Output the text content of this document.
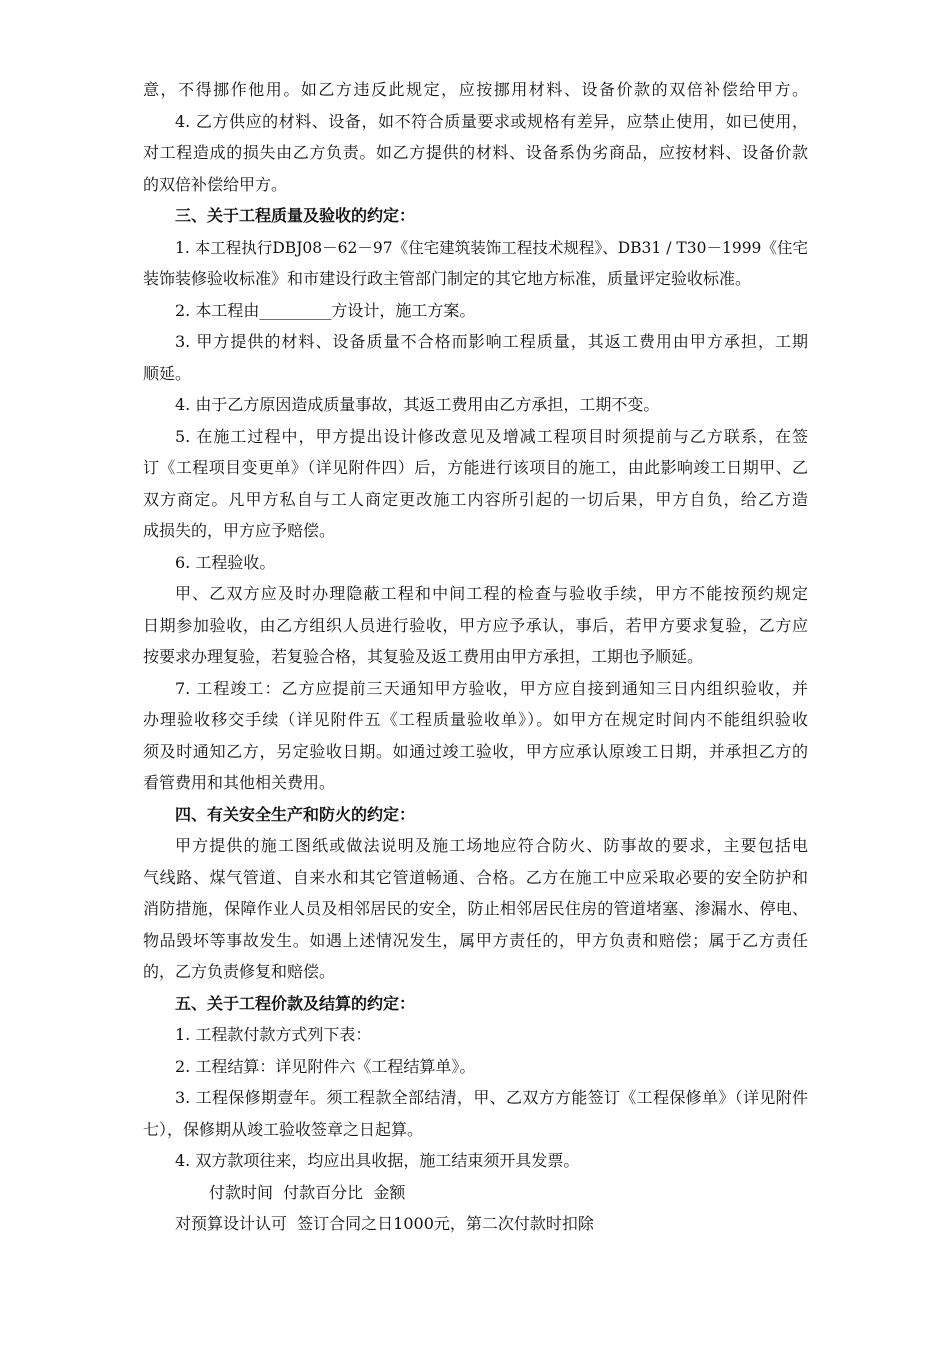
意，不得挪作他用。如乙方违反此规定，应按挪用材料、设备价款的双倍补偿给甲方。
4. 乙方供应的材料、设备，如不符合质量要求或规格有差异，应禁止使用，如已使用，
对工程造成的损失由乙方负责。如乙方提供的材料、设备系伪劣商品，应按材料、设备价款
的双倍补偿给甲方。
三、关于工程质量及验收的约定：
1. 本工程执行DBJ08－62－97《住宅建筑装饰工程技术规程》、DB31 / T30－1999《住宅
装饰装修验收标准》和市建设行政主管部门制定的其它地方标准，质量评定验收标准。
2. 本工程由_________方设计，施工方案。
3. 甲方提供的材料、设备质量不合格而影响工程质量，其返工费用由甲方承担，工期
顺延。
4. 由于乙方原因造成质量事故，其返工费用由乙方承担，工期不变。
5. 在施工过程中，甲方提出设计修改意见及增减工程项目时须提前与乙方联系，在签
订《工程项目变更单》（详见附件四）后，方能进行该项目的施工，由此影响竣工日期甲、乙
双方商定。凡甲方私自与工人商定更改施工内容所引起的一切后果，甲方自负，给乙方造
成损失的，甲方应予赔偿。
6. 工程验收。
甲、乙双方应及时办理隐蔽工程和中间工程的检查与验收手续，甲方不能按预约规定
日期参加验收，由乙方组织人员进行验收，甲方应予承认，事后，若甲方要求复验，乙方应
按要求办理复验，若复验合格，其复验及返工费用由甲方承担，工期也予顺延。
7. 工程竣工：乙方应提前三天通知甲方验收，甲方应自接到通知三日内组织验收，并
办理验收移交手续（详见附件五《工程质量验收单》）。如甲方在规定时间内不能组织验收
须及时通知乙方，另定验收日期。如通过竣工验收，甲方应承认原竣工日期，并承担乙方的
看管费用和其他相关费用。
四、有关安全生产和防火的约定：
甲方提供的施工图纸或做法说明及施工场地应符合防火、防事故的要求，主要包括电
气线路、煤气管道、自来水和其它管道畅通、合格。乙方在施工中应采取必要的安全防护和
消防措施，保障作业人员及相邻居民的安全，防止相邻居民住房的管道堵塞、渗漏水、停电、
物品毁坏等事故发生。如遇上述情况发生，属甲方责任的，甲方负责和赔偿；属于乙方责任
的，乙方负责修复和赔偿。
五、关于工程价款及结算的约定：
1. 工程款付款方式列下表：
2. 工程结算：详见附件六《工程结算单》。
3. 工程保修期壹年。须工程款全部结清，甲、乙双方方能签订《工程保修单》（详见附件
七），保修期从竣工验收签章之日起算。
4. 双方款项往来，均应出具收据，施工结束须开具发票。
付款时间  付款百分比  金额
对预算设计认可  签订合同之日1000元，第二次付款时扣除
